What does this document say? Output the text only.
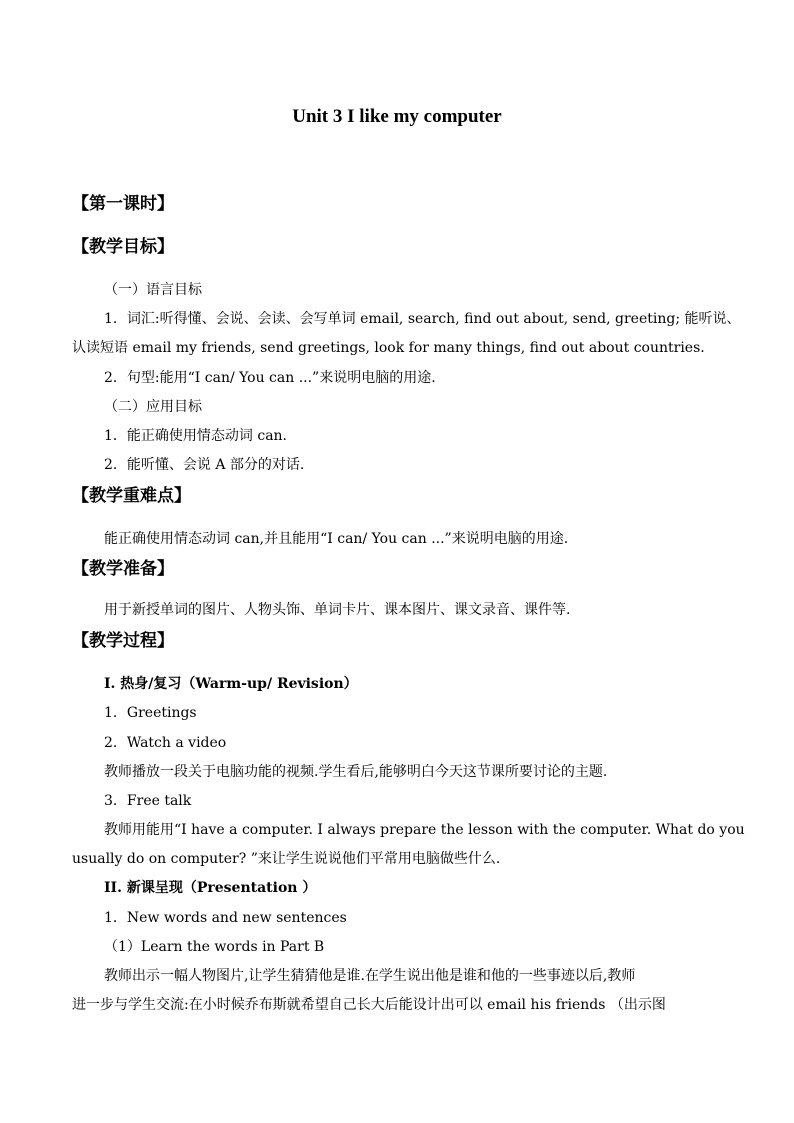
Unit 3 I like my computer
【第一课时】
【教学目标】
（一）语言目标
1．词汇:听得懂、会说、会读、会写单词 email, search, find out about, send, greeting; 能听说、
认读短语 email my friends, send greetings, look for many things, find out about countries.
2．句型:能用“I can/ You can ...”来说明电脑的用途.
（二）应用目标
1．能正确使用情态动词 can.
2．能听懂、会说 A 部分的对话.
【教学重难点】
能正确使用情态动词 can,并且能用“I can/ You can ...”来说明电脑的用途.
【教学准备】
用于新授单词的图片、人物头饰、单词卡片、课本图片、课文录音、课件等.
【教学过程】
I. 热身/复习（Warm-up/ Revision）
1．Greetings
2．Watch a video
教师播放一段关于电脑功能的视频.学生看后,能够明白今天这节课所要讨论的主题.
3．Free talk
教师用能用“I have a computer. I always prepare the lesson with the computer. What do you
usually do on computer? ”来让学生说说他们平常用电脑做些什么.
II. 新课呈现（Presentation ）
1．New words and new sentences
（1）Learn the words in Part B
教师出示一幅人物图片,让学生猜猜他是谁.在学生说出他是谁和他的一些事迹以后,教师
进一步与学生交流:在小时候乔布斯就希望自己长大后能设计出可以 email his friends （出示图
